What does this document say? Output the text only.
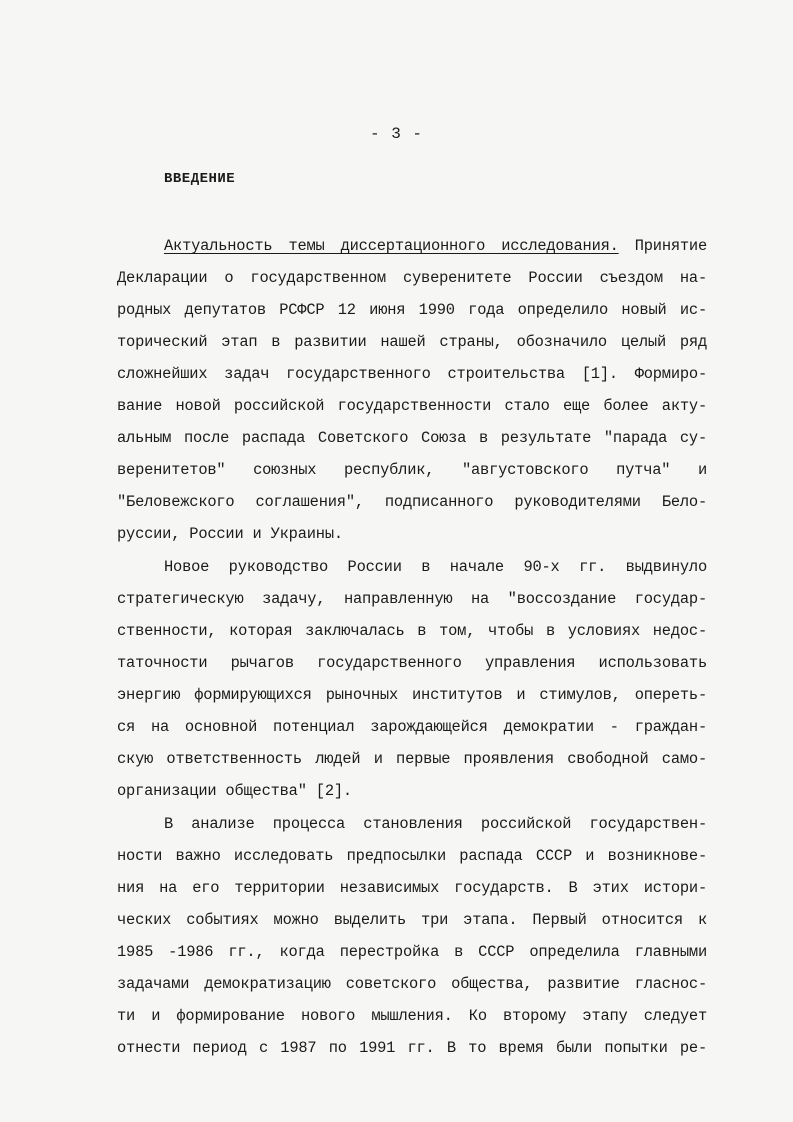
- 3 -
ВВЕДЕНИЕ
Актуальность темы диссертационного исследования. Принятие
Декларации о государственном суверенитете России съездом на-
родных депутатов РСФСР 12 июня 1990 года определило новый ис-
торический этап в развитии нашей страны, обозначило целый ряд
сложнейших задач государственного строительства [1]. Формиро-
вание новой российской государственности стало еще более акту-
альным после распада Советского Союза в результате "парада су-
веренитетов" союзных республик, "августовского путча" и
"Беловежского соглашения", подписанного руководителями Бело-
руссии, России и Украины.
Новое руководство России в начале 90-х гг. выдвинуло
стратегическую задачу, направленную на "воссоздание государ-
ственности, которая заключалась в том, чтобы в условиях недос-
таточности рычагов государственного управления использовать
энергию формирующихся рыночных институтов и стимулов, опереть-
ся на основной потенциал зарождающейся демократии - граждан-
скую ответственность людей и первые проявления свободной само-
организации общества" [2].
В анализе процесса становления российской государствен-
ности важно исследовать предпосылки распада СССР и возникнове-
ния на его территории независимых государств. В этих истори-
ческих событиях можно выделить три этапа. Первый относится к
1985 -1986 гг., когда перестройка в СССР определила главными
задачами демократизацию советского общества, развитие гласнос-
ти и формирование нового мышления. Ко второму этапу следует
отнести период с 1987 по 1991 гг. В то время были попытки ре-
